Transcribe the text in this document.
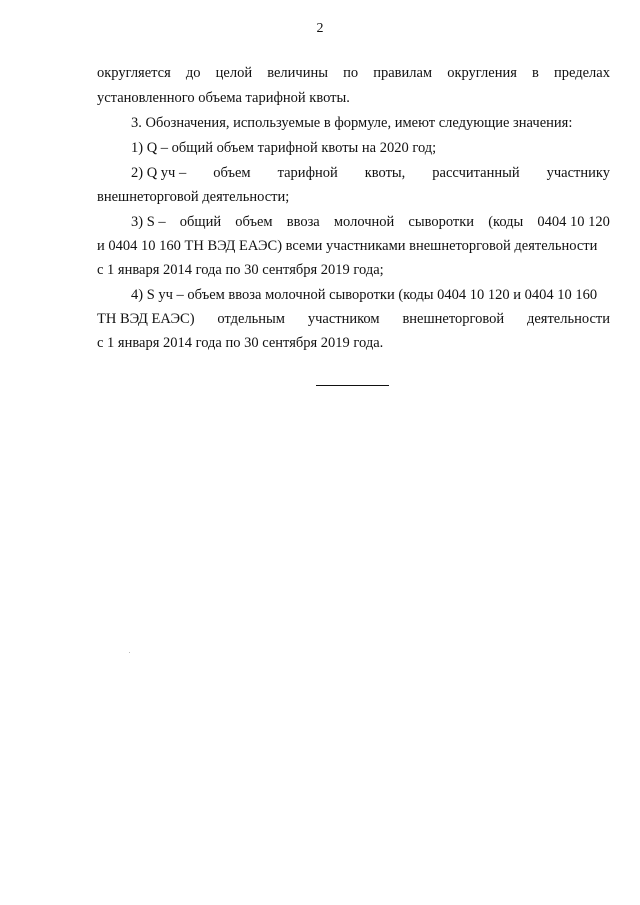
2
округляется до целой величины по правилам округления в пределах
установленного объема тарифной квоты.
3. Обозначения, используемые в формуле, имеют следующие значения:
1) Q – общий объем тарифной квоты на 2020 год;
2) Q уч – объем тарифной квоты, рассчитанный участнику
внешнеторговой деятельности;
3) S – общий объем ввоза молочной сыворотки (коды 0404 10 120
и 0404 10 160 ТН ВЭД ЕАЭС) всеми участниками внешнеторговой деятельности
с 1 января 2014 года по 30 сентября 2019 года;
4) S уч – объем ввоза молочной сыворотки (коды 0404 10 120 и 0404 10 160
ТН ВЭД ЕАЭС) отдельным участником внешнеторговой деятельности
с 1 января 2014 года по 30 сентября 2019 года.
